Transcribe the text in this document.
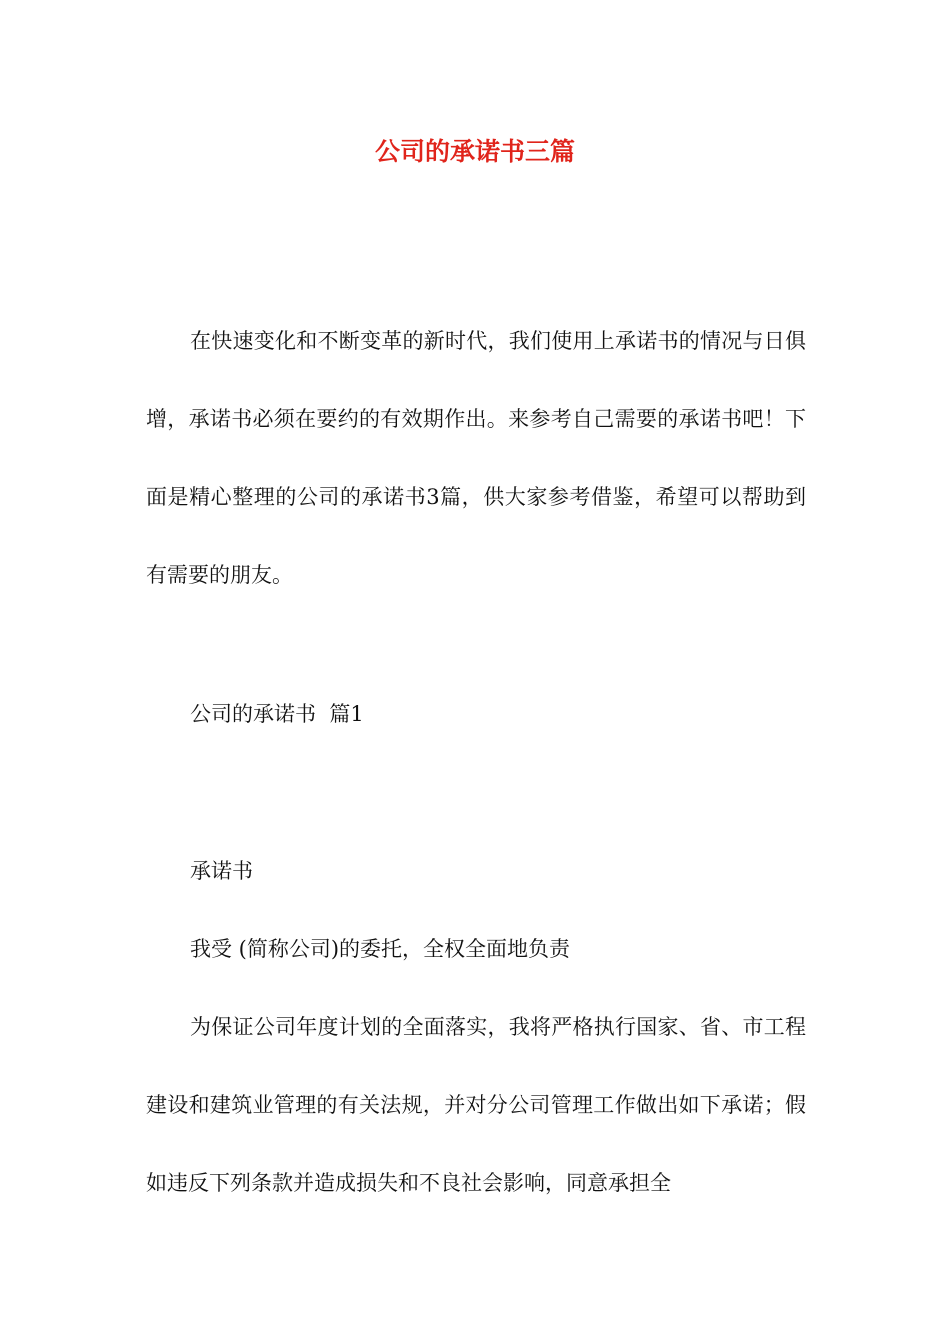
公司的承诺书三篇

在快速变化和不断变革的新时代，我们使用上承诺书的情况与日俱增，承诺书必须在要约的有效期作出。来参考自己需要的承诺书吧！下面是精心整理的公司的承诺书3篇，供大家参考借鉴，希望可以帮助到有需要的朋友。

公司的承诺书  篇1

承诺书

我受 (简称公司)的委托，全权全面地负责

为保证公司年度计划的全面落实，我将严格执行国家、省、市工程建设和建筑业管理的有关法规，并对分公司管理工作做出如下承诺；假如违反下列条款并造成损失和不良社会影响，同意承担全
